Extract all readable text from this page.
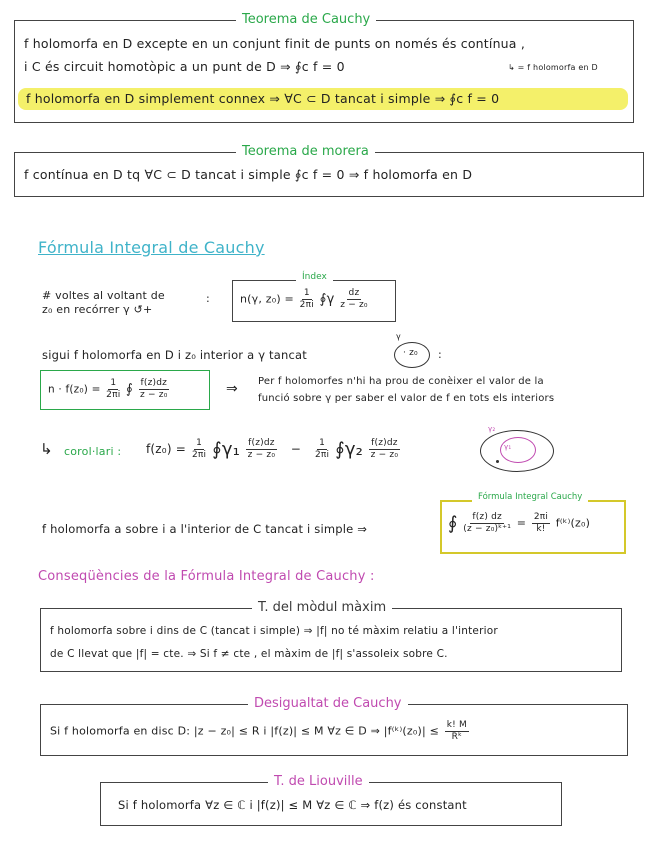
Teorema de Cauchy
f holomorfa en D excepte en un conjunt finit de punts on només és contínua ,
i C és circuit homotòpic a un punt de D ⇒ ∮c f = 0	↳ = f holomorfa en D
f holomorfa en D simplement connex ⇒ ∀C ⊂ D tancat i simple ⇒ ∮c f = 0
Teorema de morera
f contínua en D tq ∀C ⊂ D tancat i simple ∮c f = 0 ⇒ f holomorfa en D
Fórmula Integral de Cauchy
# voltes al voltant de
z₀ en recórrer γ ↺+
:
Índex
n(γ, $z_0) = \frac{1}{2\pi i}$ ∮γ $\frac{dz}{\text{z − z₀}}$
sigui f holomorfa en D i z₀ interior a γ tancat
γ
· z₀ :
$n \cdot f(z_0) = \frac{1}{2\pi i}$ ∮ $\frac{f(z)dz}{\text{z − z₀}}$	⇒ Per f holomorfes n'hi ha prou de conèixer el valor de la
funció sobre γ per saber el valor de f en tots els interiors
↳ corol·lari : $f(z_0) = \frac{1}{2\pi i}$ ∮γ₁ $\frac{f(z)dz}{\text{z − z₀}} - \frac{1}{2\pi i}$ ∮γ₂ $\frac{f(z)dz}{\text{z − z₀}}$
γ₂
γ₁
f holomorfa a sobre i a l'interior de C tancat i simple ⇒
Fórmula Integral Cauchy
∮ $\frac{f(z) dz}{\text{(z − z₀)ᵏ⁺¹}} = \frac{2\pi i}{k!}$ f⁽ᵏ⁾(z₀)
Conseqüències de la Fórmula Integral de Cauchy :
T. del mòdul màxim
f holomorfa sobre i dins de C (tancat i simple) ⇒ |f| no té màxim relatiu a l'interior
de C llevat que |f| = cte. ⇒ Si f ≠ cte , el màxim de |f| s'assoleix sobre C.
Desigualtat de Cauchy
Si f holomorfa en disc D: |z − z₀| ≤ R i |f(z)| ≤ M ∀z ∈ D ⇒ |f⁽ᵏ⁾(z₀)| ≤ $\frac{k! M}{\text{Rᵏ}}$
T. de Liouville
Si f holomorfa ∀z ∈ ℂ i |f(z)| ≤ M ∀z ∈ ℂ ⇒ f(z) és constant
